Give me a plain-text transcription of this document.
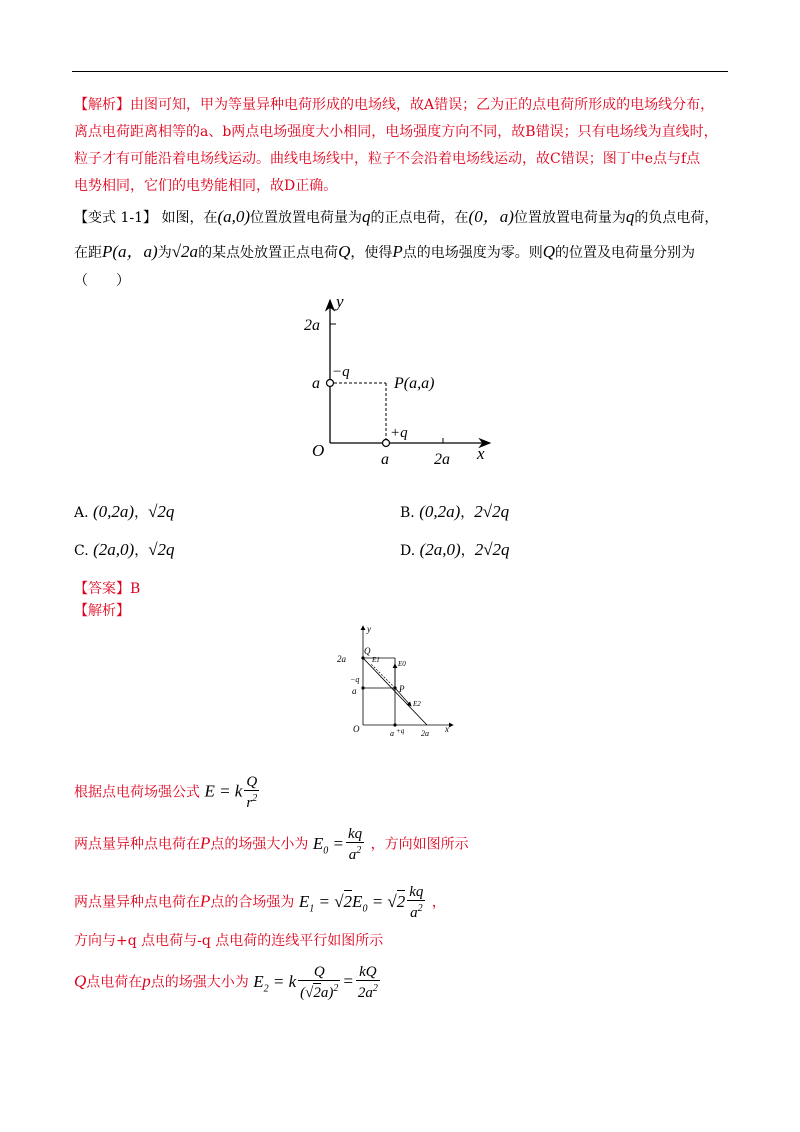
【解析】由图可知，甲为等量异种电荷形成的电场线，故A错误；乙为正的点电荷所形成的电场线分布，
离点电荷距离相等的a、b两点电场强度大小相同，电场强度方向不同，故B错误；只有电场线为直线时，
粒子才有可能沿着电场线运动。曲线电场线中，粒子不会沿着电场线运动，故C错误；图丁中e点与f点
电势相同，它们的电势能相同，故D正确。
【变式 1-1】 如图，在(a,0)位置放置电荷量为q的正点电荷，在(0，a)位置放置电荷量为q的负点电荷，
在距P(a，a)为√2a的某点处放置正点电荷Q，使得P点的电场强度为零。则Q的位置及电荷量分别为
（　　）
y
2a
a
−q
P(a,a)
+q
O	a	2a x
A. (0,2a)，√2q	B. (0,2a)，2√2q
C. (2a,0)，√2q	D. (2a,0)，2√2q
【答案】B
【解析】
y
2a
Q
E1	E0
−q
a	P
E2
O	+q
a	2a x
根据点电荷场强公式 E = k $\frac{Q}{r^2}$
两点量异种点电荷在P点的场强大小为 $E_0 = \frac{kq}{a^2}$ ，方向如图所示
两点量异种点电荷在P点的合场强为 $E_1 = √2E_0 = √2 \frac{kq}{a^2}$ ，
方向与+q 点电荷与-q 点电荷的连线平行如图所示
Q点电荷在p点的场强大小为 $E_2 = k \frac{Q}{(√2a)^2} = \frac{kQ}{2a^2}$
